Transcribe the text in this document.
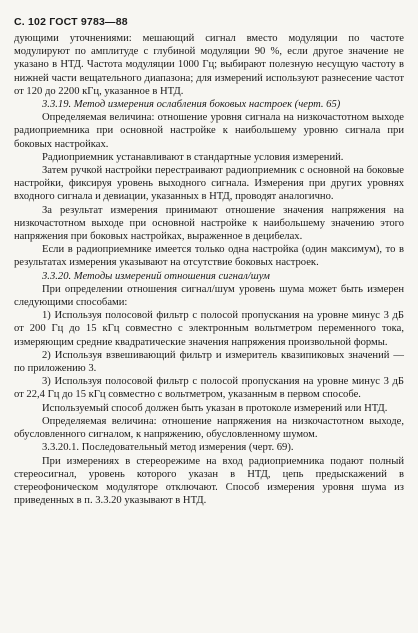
С. 102 ГОСТ 9783—88

дующими уточнениями: мешающий сигнал вместо модуляции по частоте модулируют по амплитуде с глубиной модуляции 90 %, если другое значение не указано в НТД. Частота модуляции 1000 Гц; выбирают полезную несущую частоту в нижней части вещательного диапазона; для измерений используют разнесение частот от 120 до 2200 кГц, указанное в НТД.

3.3.19. Метод измерения ослабления боковых настроек (черт. 65)

Определяемая величина: отношение уровня сигнала на низкочастотном выходе радиоприемника при основной настройке к наибольшему уровню сигнала при боковых настройках.

Радиоприемник устанавливают в стандартные условия измерений.

Затем ручкой настройки перестраивают радиоприемник с основной на боковые настройки, фиксируя уровень выходного сигнала. Измерения при других уровнях входного сигнала и девиации, указанных в НТД, проводят аналогично.

За результат измерения принимают отношение значения напряжения на низкочастотном выходе при основной настройке к наибольшему значению этого напряжения при боковых настройках, выраженное в децибелах.

Если в радиоприемнике имеется только одна настройка (один максимум), то в результатах измерения указывают на отсутствие боковых настроек.

3.3.20. Методы измерений отношения сигнал/шум

При определении отношения сигнал/шум уровень шума может быть измерен следующими способами:

1) Используя полосовой фильтр с полосой пропускания на уровне минус 3 дБ от 200 Гц до 15 кГц совместно с электронным вольтметром переменного тока, измеряющим средние квадратические значения напряжения произвольной формы.

2) Используя взвешивающий фильтр и измеритель квазипиковых значений — по приложению 3.

3) Используя полосовой фильтр с полосой пропускания на уровне минус 3 дБ от 22,4 Гц до 15 кГц совместно с вольтметром, указанным в первом способе.

Используемый способ должен быть указан в протоколе измерений или НТД.

Определяемая величина: отношение напряжения на низкочастотном выходе, обусловленного сигналом, к напряжению, обусловленному шумом.

3.3.20.1. Последовательный метод измерения (черт. 69).

При измерениях в стереорежиме на вход радиоприемника подают полный стереосигнал, уровень которого указан в НТД, цепь предыскажений в стереофоническом модуляторе отключают. Способ измерения уровня шума из приведенных в п. 3.3.20 указывают в НТД.
